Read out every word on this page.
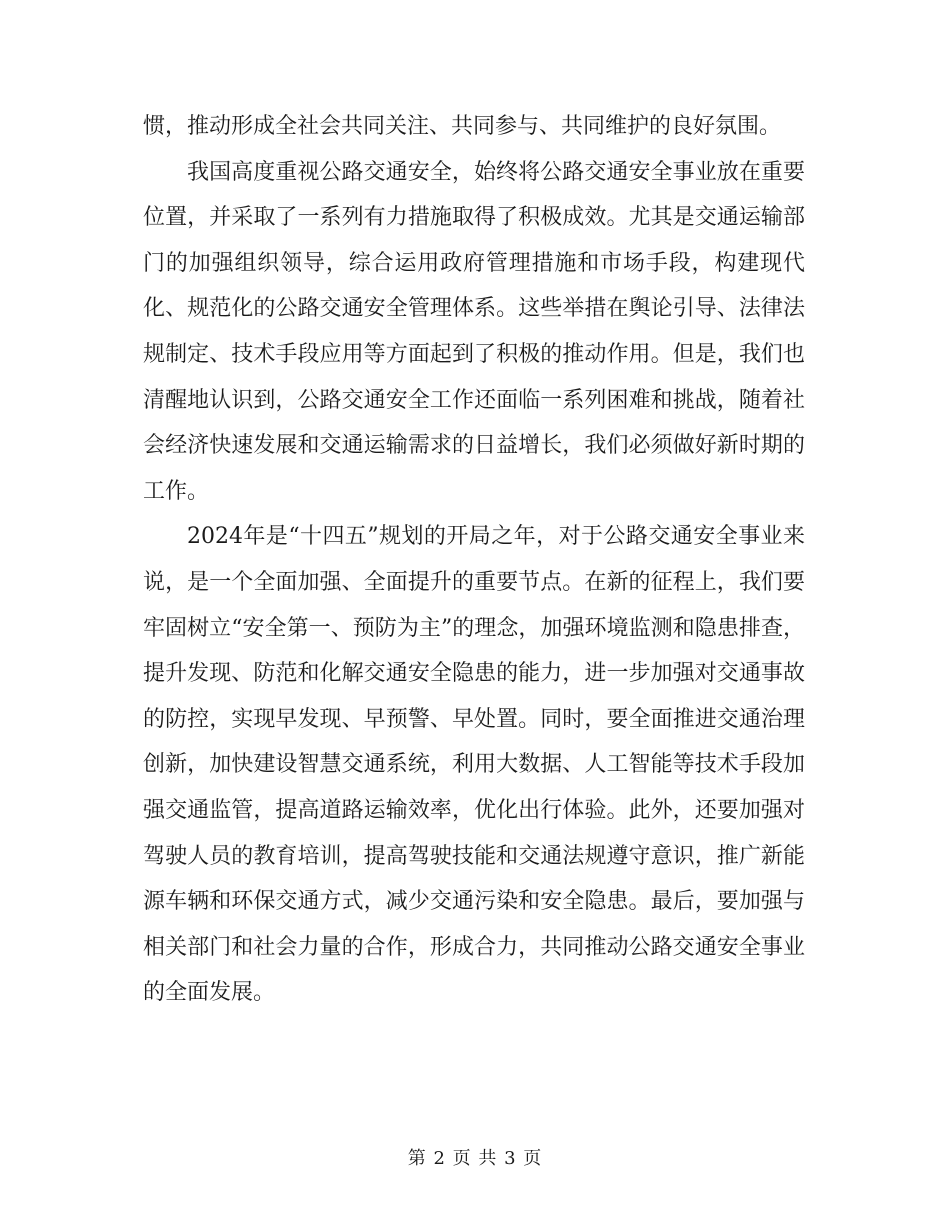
惯，推动形成全社会共同关注、共同参与、共同维护的良好氛围。

我国高度重视公路交通安全，始终将公路交通安全事业放在重要位置，并采取了一系列有力措施取得了积极成效。尤其是交通运输部门的加强组织领导，综合运用政府管理措施和市场手段，构建现代化、规范化的公路交通安全管理体系。这些举措在舆论引导、法律法规制定、技术手段应用等方面起到了积极的推动作用。但是，我们也清醒地认识到，公路交通安全工作还面临一系列困难和挑战，随着社会经济快速发展和交通运输需求的日益增长，我们必须做好新时期的工作。

2024年是“十四五”规划的开局之年，对于公路交通安全事业来说，是一个全面加强、全面提升的重要节点。在新的征程上，我们要牢固树立“安全第一、预防为主”的理念，加强环境监测和隐患排查，提升发现、防范和化解交通安全隐患的能力，进一步加强对交通事故的防控，实现早发现、早预警、早处置。同时，要全面推进交通治理创新，加快建设智慧交通系统，利用大数据、人工智能等技术手段加强交通监管，提高道路运输效率，优化出行体验。此外，还要加强对驾驶人员的教育培训，提高驾驶技能和交通法规遵守意识，推广新能源车辆和环保交通方式，减少交通污染和安全隐患。最后，要加强与相关部门和社会力量的合作，形成合力，共同推动公路交通安全事业的全面发展。

第 2 页 共 3 页
